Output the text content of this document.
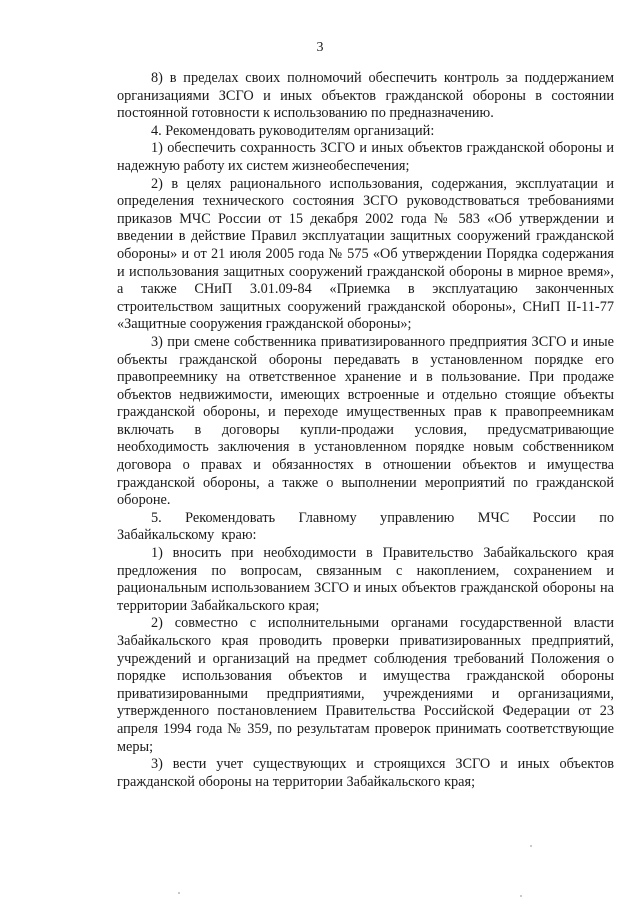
3

8) в пределах своих полномочий обеспечить контроль за поддержанием организациями ЗСГО и иных объектов гражданской обороны в состоянии постоянной готовности к использованию по предназначению.

4. Рекомендовать руководителям организаций:

1) обеспечить сохранность ЗСГО и иных объектов гражданской обороны и надежную работу их систем жизнеобеспечения;

2) в целях рационального использования, содержания, эксплуатации и определения технического состояния ЗСГО руководствоваться требованиями приказов МЧС России от 15 декабря 2002 года № 583 «Об утверждении и введении в действие Правил эксплуатации защитных сооружений гражданской обороны» и от 21 июля 2005 года № 575 «Об утверждении Порядка содержания и использования защитных сооружений гражданской обороны в мирное время», а также СНиП 3.01.09-84 «Приемка в эксплуатацию законченных строительством защитных сооружений гражданской обороны», СНиП II-11-77 «Защитные сооружения гражданской обороны»;

3) при смене собственника приватизированного предприятия ЗСГО и иные объекты гражданской обороны передавать в установленном порядке его правопреемнику на ответственное хранение и в пользование. При продаже объектов недвижимости, имеющих встроенные и отдельно стоящие объекты гражданской обороны, и переходе имущественных прав к правопреемникам включать в договоры купли-продажи условия, предусматривающие необходимость заключения в установленном порядке новым собственником договора о правах и обязанностях в отношении объектов и имущества гражданской обороны, а также о выполнении мероприятий по гражданской обороне.

5. Рекомендовать Главному управлению МЧС России по Забайкальскому краю:

1) вносить при необходимости в Правительство Забайкальского края предложения по вопросам, связанным с накоплением, сохранением и рациональным использованием ЗСГО и иных объектов гражданской обороны на территории Забайкальского края;

2) совместно с исполнительными органами государственной власти Забайкальского края проводить проверки приватизированных предприятий, учреждений и организаций на предмет соблюдения требований Положения о порядке использования объектов и имущества гражданской обороны приватизированными предприятиями, учреждениями и организациями, утвержденного постановлением Правительства Российской Федерации от 23 апреля 1994 года № 359, по результатам проверок принимать соответствующие меры;

3) вести учет существующих и строящихся ЗСГО и иных объектов гражданской обороны на территории Забайкальского края;
